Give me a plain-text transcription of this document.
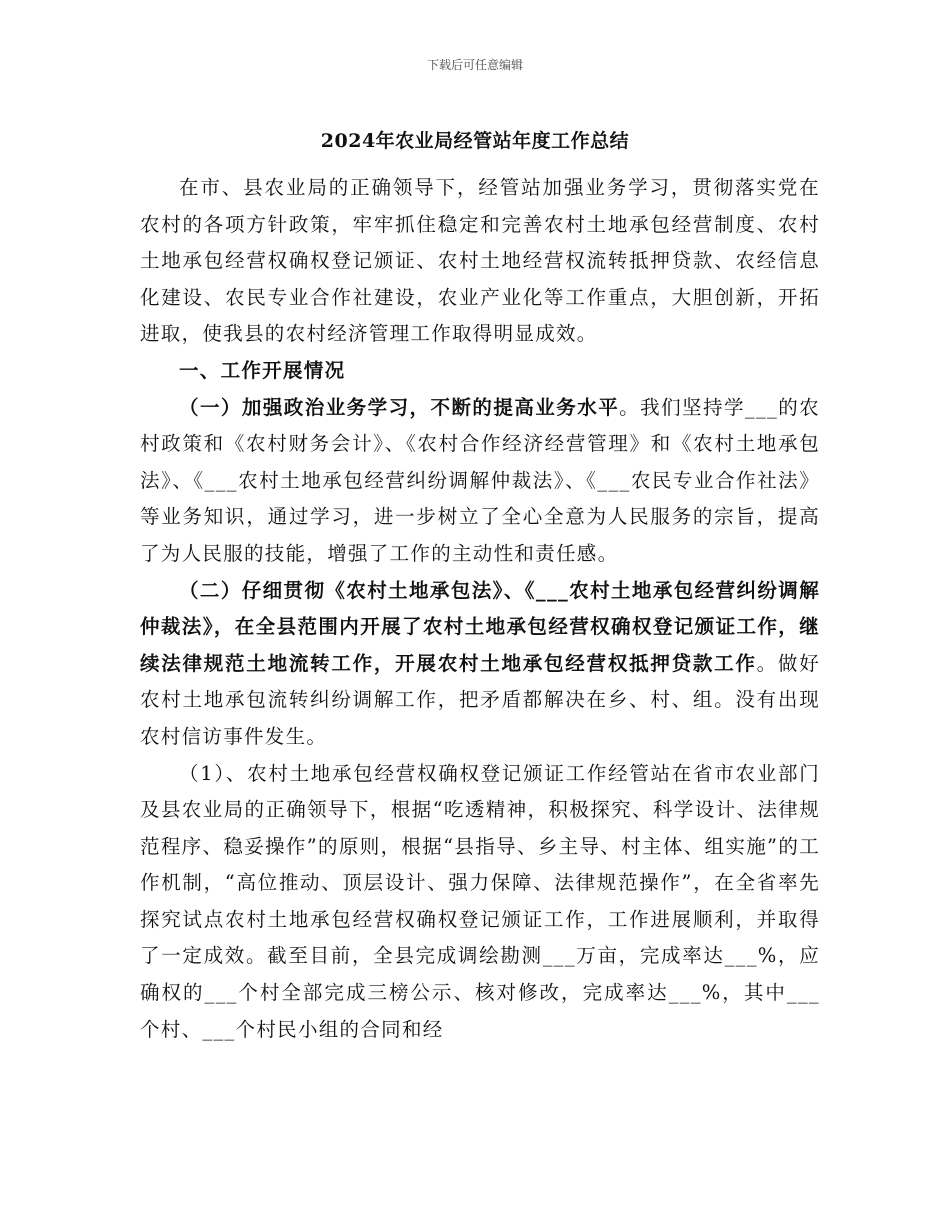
下载后可任意编辑
2024年农业局经管站年度工作总结

在市、县农业局的正确领导下，经管站加强业务学习，贯彻落实党在农村的各项方针政策，牢牢抓住稳定和完善农村土地承包经营制度、农村土地承包经营权确权登记颁证、农村土地经营权流转抵押贷款、农经信息化建设、农民专业合作社建设，农业产业化等工作重点，大胆创新，开拓进取，使我县的农村经济管理工作取得明显成效。

一、工作开展情况

（一）加强政治业务学习，不断的提高业务水平。我们坚持学___的农村政策和《农村财务会计》、《农村合作经济经营管理》和《农村土地承包法》、《___农村土地承包经营纠纷调解仲裁法》、《___农民专业合作社法》等业务知识，通过学习，进一步树立了全心全意为人民服务的宗旨，提高了为人民服的技能，增强了工作的主动性和责任感。

（二）仔细贯彻《农村土地承包法》、《___农村土地承包经营纠纷调解仲裁法》，在全县范围内开展了农村土地承包经营权确权登记颁证工作，继续法律规范土地流转工作，开展农村土地承包经营权抵押贷款工作。做好农村土地承包流转纠纷调解工作，把矛盾都解决在乡、村、组。没有出现农村信访事件发生。

（1）、农村土地承包经营权确权登记颁证工作经管站在省市农业部门及县农业局的正确领导下，根据“吃透精神，积极探究、科学设计、法律规范程序、稳妥操作”的原则，根据“县指导、乡主导、村主体、组实施”的工作机制，“高位推动、顶层设计、强力保障、法律规范操作”，在全省率先探究试点农村土地承包经营权确权登记颁证工作，工作进展顺利，并取得了一定成效。截至目前，全县完成调绘勘测___万亩，完成率达___%，应确权的___个村全部完成三榜公示、核对修改，完成率达___%，其中___个村、___个村民小组的合同和经
